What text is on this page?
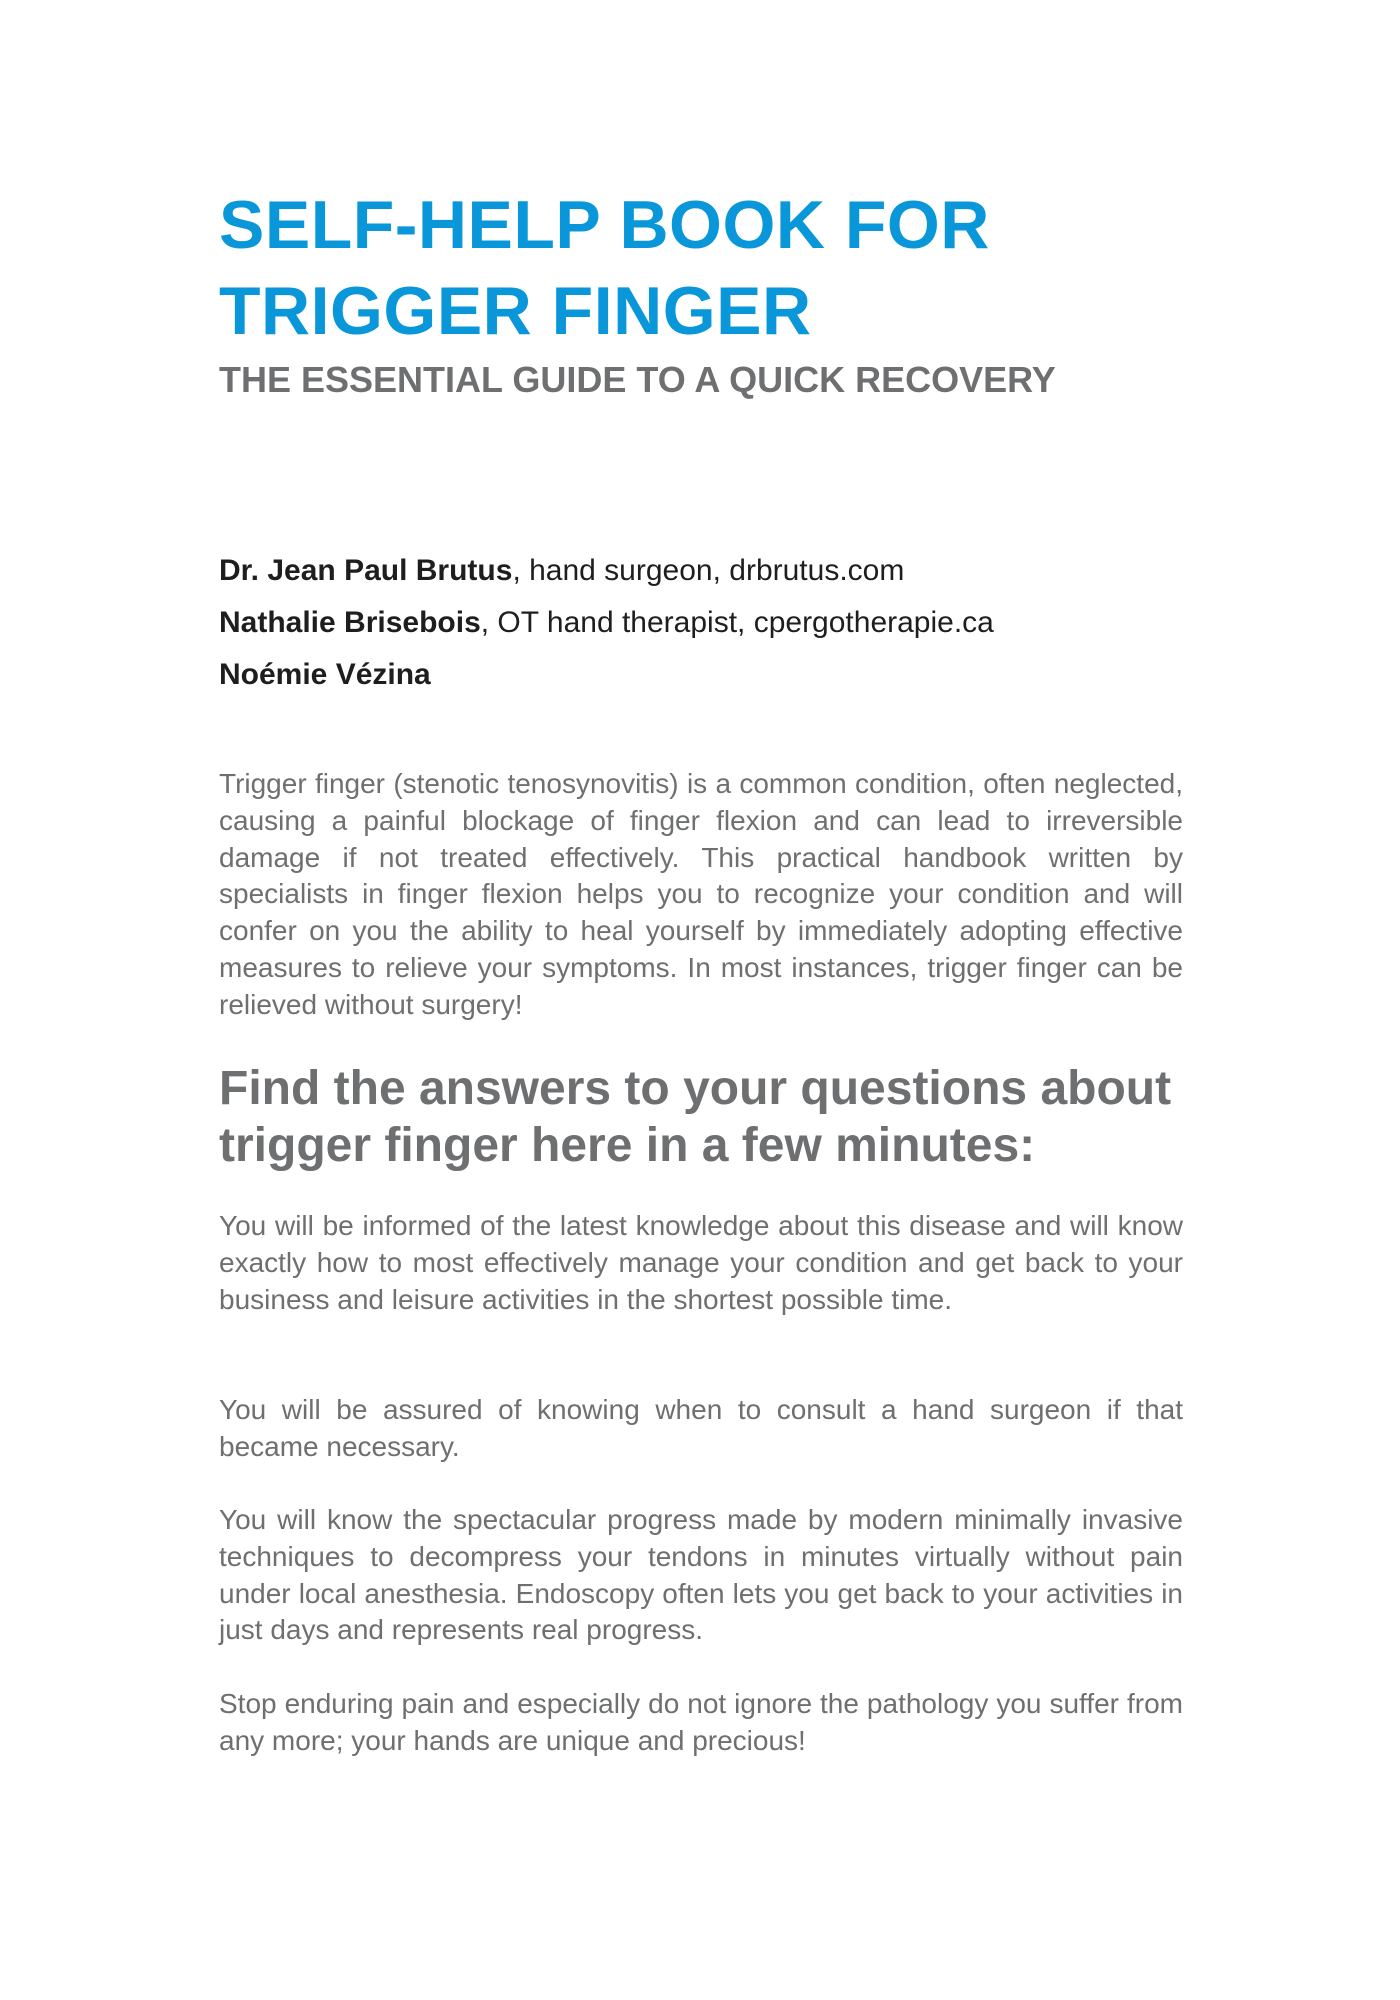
SELF-HELP BOOK FOR
TRIGGER FINGER
THE ESSENTIAL GUIDE TO A QUICK RECOVERY
Dr. Jean Paul Brutus, hand surgeon, drbrutus.com
Nathalie Brisebois, OT hand therapist, cpergotherapie.ca
Noémie Vézina

Trigger finger (stenotic tenosynovitis) is a common condition, often neglected, causing a painful blockage of finger flexion and can lead to irreversible damage if not treated effectively. This practical handbook written by specialists in finger flexion helps you to recognize your condition and will confer on you the ability to heal yourself by immediately adopting effective measures to relieve your symptoms. In most instances, trigger finger can be relieved without surgery!

Find the answers to your questions about
trigger finger here in a few minutes:

You will be informed of the latest knowledge about this disease and will know exactly how to most effectively manage your condition and get back to your business and leisure activities in the shortest possible time.

You will be assured of knowing when to consult a hand surgeon if that became necessary.

You will know the spectacular progress made by modern minimally invasive techniques to decompress your tendons in minutes virtually without pain under local anesthesia. Endoscopy often lets you get back to your activities in just days and represents real progress.

Stop enduring pain and especially do not ignore the pathology you suffer from any more; your hands are unique and precious!
